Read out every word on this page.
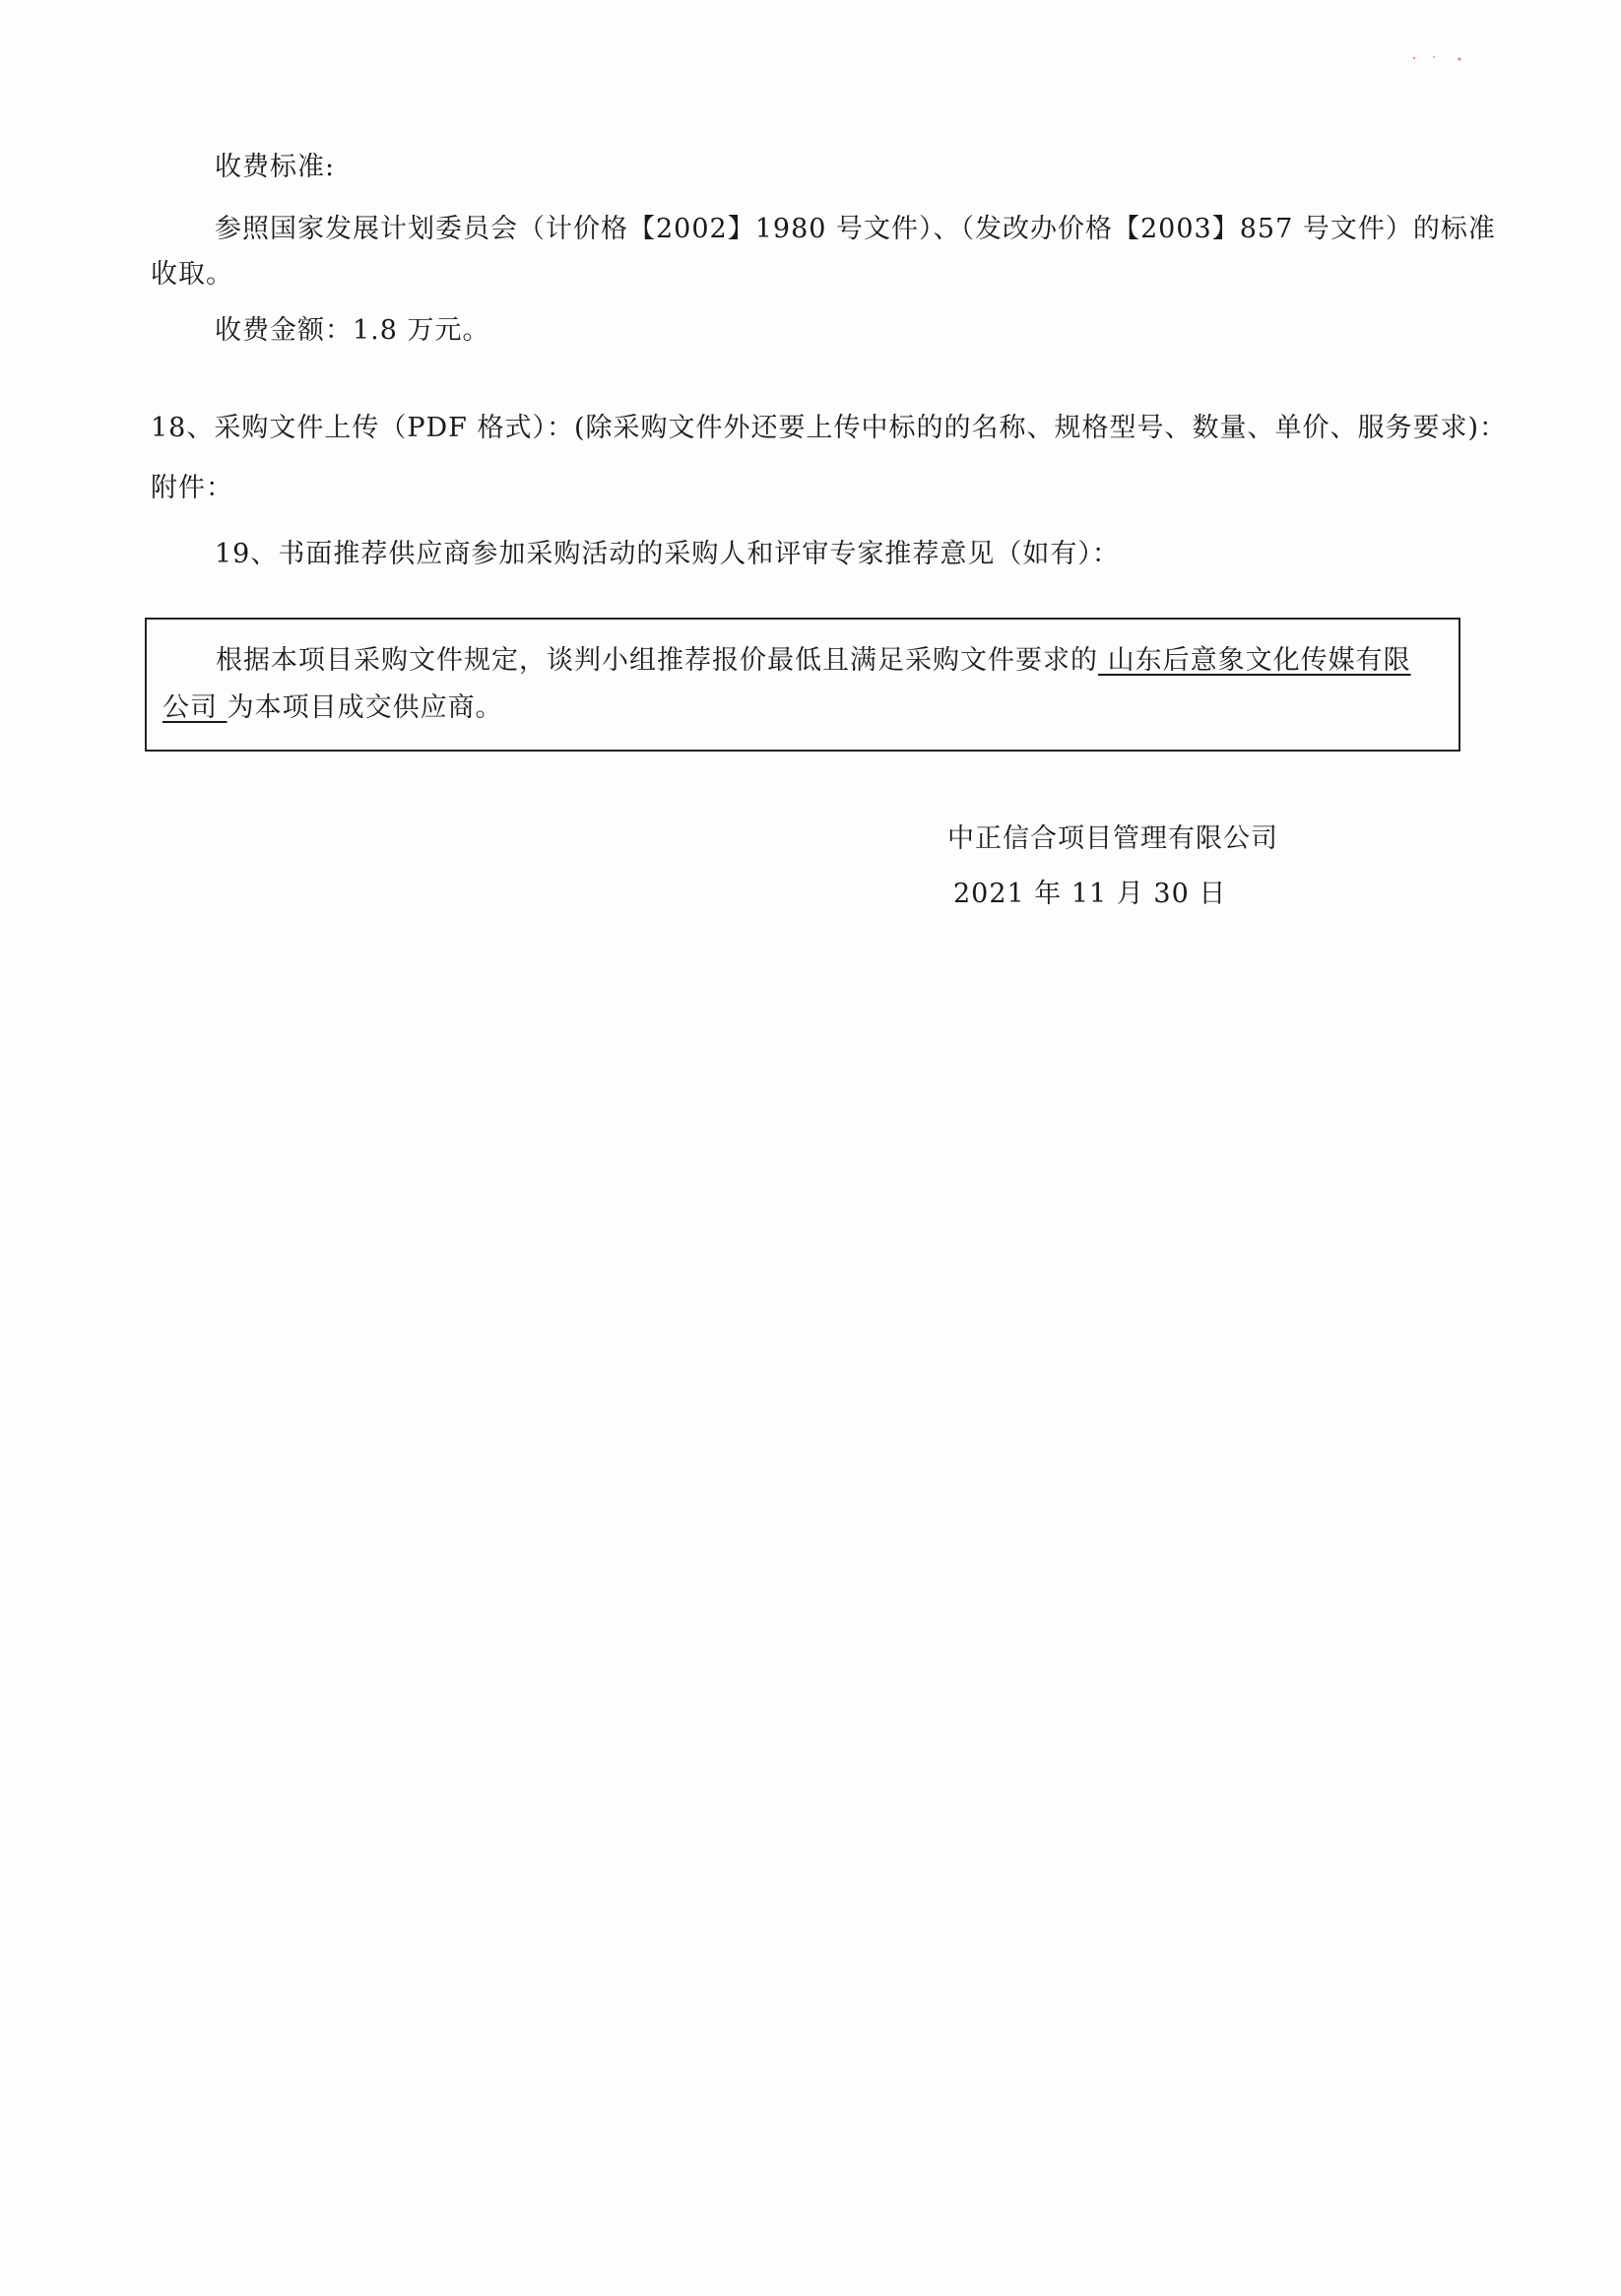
收费标准:
参照国家发展计划委员会（计价格【2002】1980 号文件）、（发改办价格【2003】857 号文件）的标准
收取。
收费金额：1.8 万元。
18、采购文件上传（PDF 格式）：(除采购文件外还要上传中标的的名称、规格型号、数量、单价、服务要求)：
附件：
19、书面推荐供应商参加采购活动的采购人和评审专家推荐意见（如有）：
根据本项目采购文件规定，谈判小组推荐报价最低且满足采购文件要求的 山东后意象文化传媒有限
公司 为本项目成交供应商。
中正信合项目管理有限公司
2021 年 11 月 30 日
